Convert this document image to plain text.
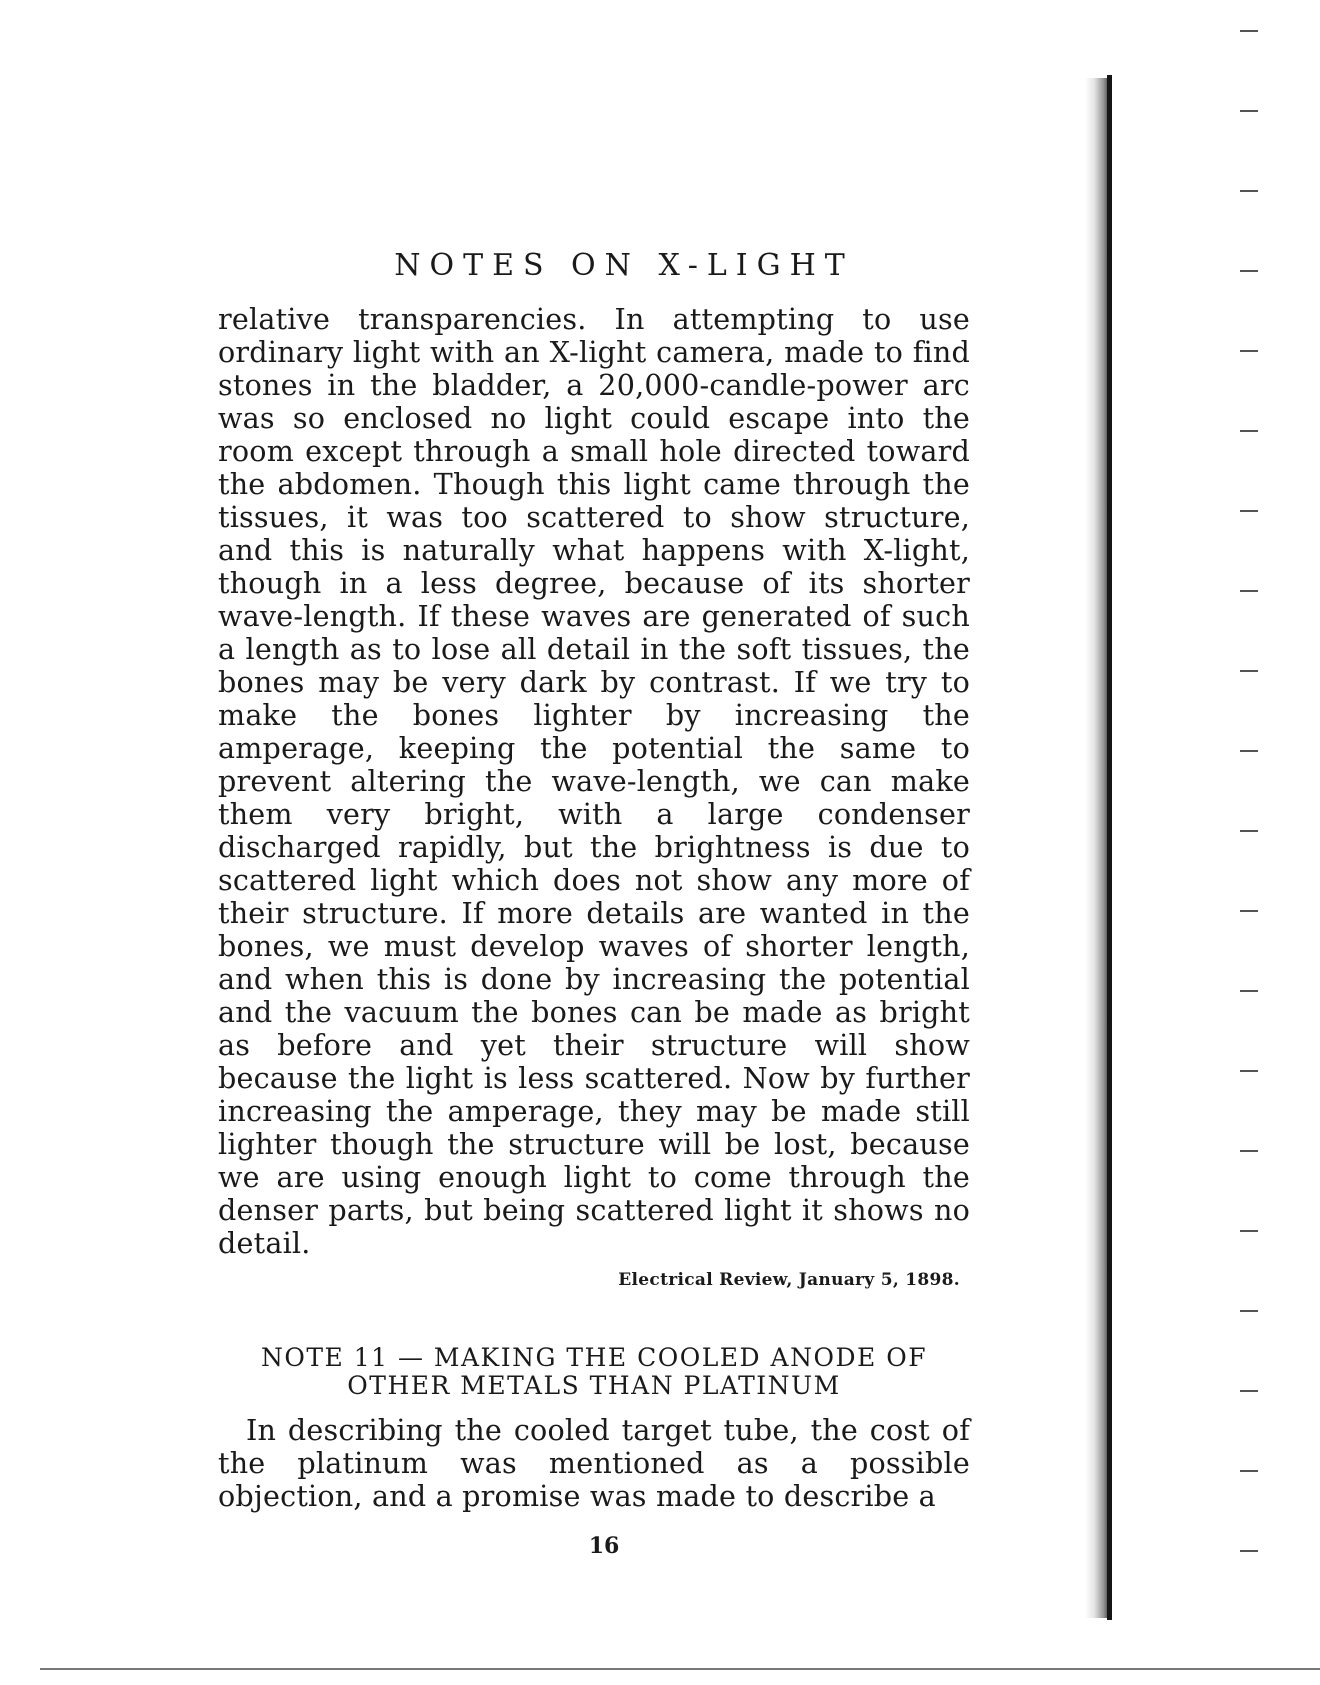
NOTES ON X-LIGHT

relative transparencies. In attempting to use ordinary light with an X-light camera, made to find stones in the bladder, a 20,000-candle-power arc was so enclosed no light could escape into the room except through a small hole directed toward the abdomen. Though this light came through the tissues, it was too scattered to show structure, and this is naturally what happens with X-light, though in a less degree, because of its shorter wave-length. If these waves are generated of such a length as to lose all detail in the soft tissues, the bones may be very dark by contrast. If we try to make the bones lighter by increasing the amperage, keeping the potential the same to prevent altering the wave-length, we can make them very bright, with a large condenser discharged rapidly, but the brightness is due to scattered light which does not show any more of their structure. If more details are wanted in the bones, we must develop waves of shorter length, and when this is done by increasing the potential and the vacuum the bones can be made as bright as before and yet their structure will show because the light is less scattered. Now by further increasing the amperage, they may be made still lighter though the structure will be lost, because we are using enough light to come through the denser parts, but being scattered light it shows no detail.

Electrical Review, January 5, 1898.
NOTE 11 — MAKING THE COOLED ANODE OF
OTHER METALS THAN PLATINUM

In describing the cooled target tube, the cost of the platinum was mentioned as a possible objection, and a promise was made to describe a

16
